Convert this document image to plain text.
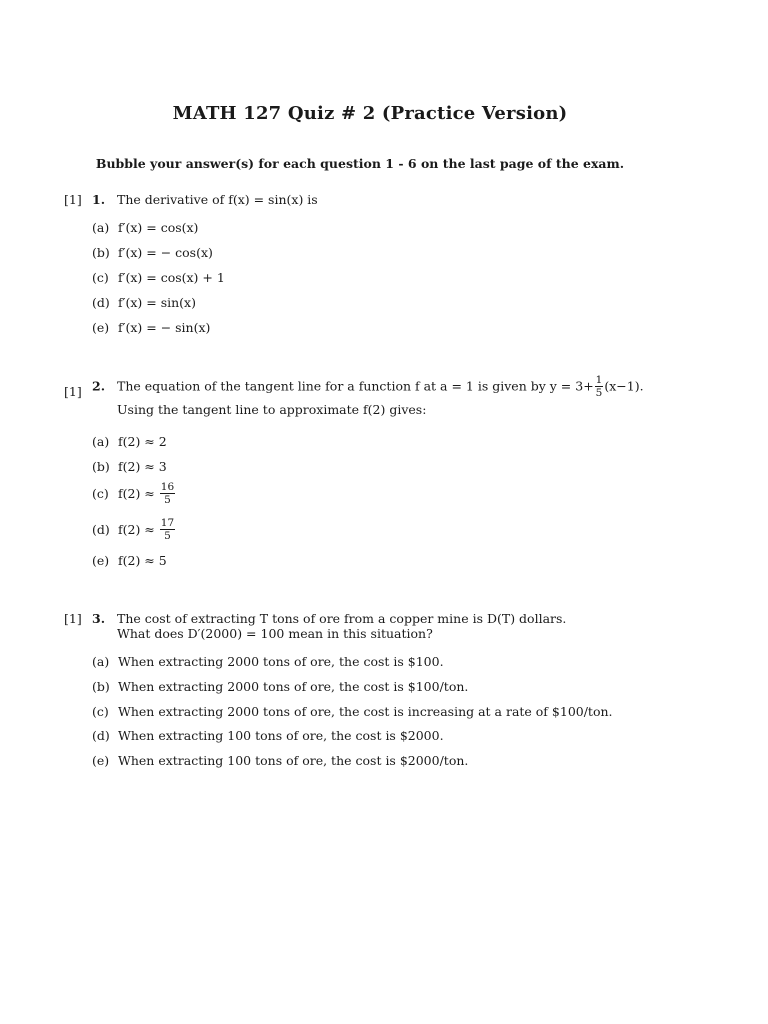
MATH 127 Quiz # 2 (Practice Version)
Bubble your answer(s) for each question 1 - 6 on the last page of the exam.
[1] 1. The derivative of f(x) = sin(x) is
(a) f′(x) = cos(x)
(b) f′(x) = − cos(x)
(c) f′(x) = cos(x) + 1
(d) f′(x) = sin(x)
(e) f′(x) = − sin(x)
[1] 2. The equation of the tangent line for a function f at a = 1 is given by $y = 3+ \frac{1}{5} (x-1)$.
Using the tangent line to approximate f(2) gives:
(a) f(2) ≈ 2
(b) f(2) ≈ 3
(c) $f(2) \approx \frac{16}{5}$
(d) $f(2) \approx \frac{17}{5}$
(e) f(2) ≈ 5
[1] 3. The cost of extracting T tons of ore from a copper mine is D(T) dollars.
What does D′(2000) = 100 mean in this situation?
(a) When extracting 2000 tons of ore, the cost is $100.
(b) When extracting 2000 tons of ore, the cost is $100/ton.
(c) When extracting 2000 tons of ore, the cost is increasing at a rate of $100/ton.
(d) When extracting 100 tons of ore, the cost is $2000.
(e) When extracting 100 tons of ore, the cost is $2000/ton.
